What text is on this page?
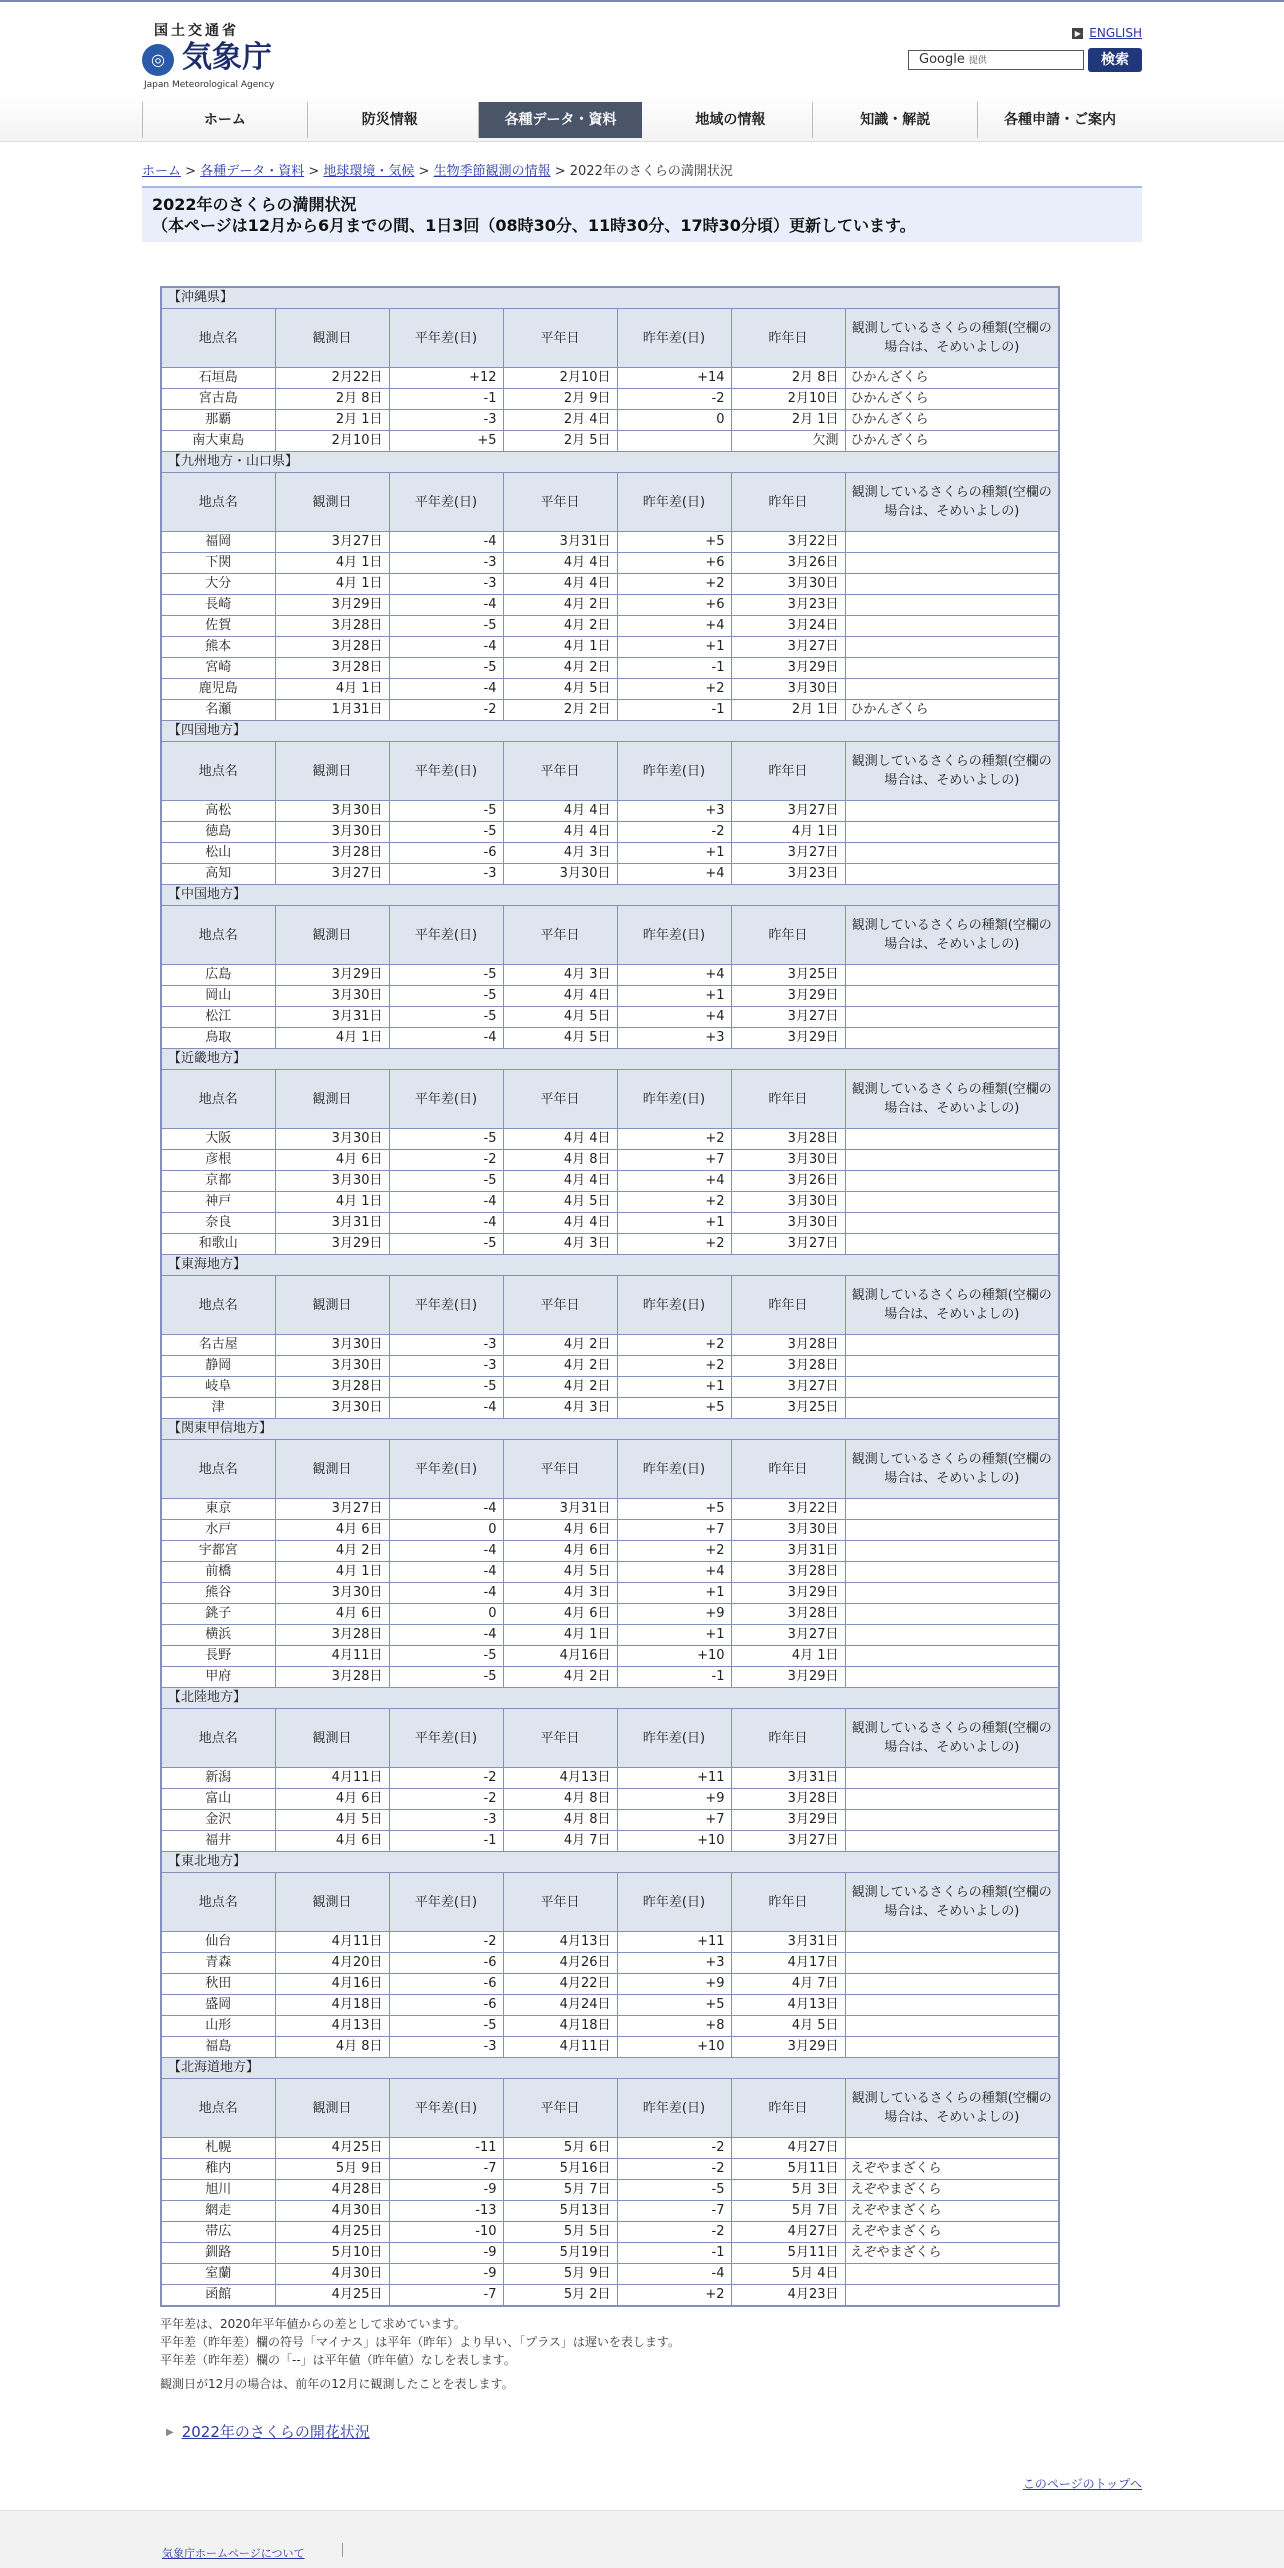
国土交通省
◎ 気象庁
Japan Meteorological Agency
▶ ENGLISH
Google 提供	検索
ホーム	防災情報	各種データ・資料	地域の情報	知識・解説	各種申請・ご案内
ホーム > 各種データ・資料 > 地球環境・気候 > 生物季節観測の情報 > 2022年のさくらの満開状況
2022年のさくらの満開状況
（本ページは12月から6月までの間、1日3回（08時30分、11時30分、17時30分頃）更新しています。
【沖縄県】						
地点名	観測日	平年差(日)	平年日	昨年差(日)	昨年日	観測しているさくらの種類(空欄の場合は、そめいよしの)
石垣島	2月22日	+12	2月10日	+14	2月 8日	ひかんざくら
宮古島	2月 8日	-1	2月 9日	-2	2月10日	ひかんざくら
那覇	2月 1日	-3	2月 4日	0	2月 1日	ひかんざくら
南大東島	2月10日	+5	2月 5日		欠測	ひかんざくら
【九州地方・山口県】						
地点名	観測日	平年差(日)	平年日	昨年差(日)	昨年日	観測しているさくらの種類(空欄の場合は、そめいよしの)
福岡	3月27日	-4	3月31日	+5	3月22日	
下関	4月 1日	-3	4月 4日	+6	3月26日	
大分	4月 1日	-3	4月 4日	+2	3月30日	
長崎	3月29日	-4	4月 2日	+6	3月23日	
佐賀	3月28日	-5	4月 2日	+4	3月24日	
熊本	3月28日	-4	4月 1日	+1	3月27日	
宮崎	3月28日	-5	4月 2日	-1	3月29日	
鹿児島	4月 1日	-4	4月 5日	+2	3月30日	
名瀬	1月31日	-2	2月 2日	-1	2月 1日	ひかんざくら
【四国地方】						
地点名	観測日	平年差(日)	平年日	昨年差(日)	昨年日	観測しているさくらの種類(空欄の場合は、そめいよしの)
高松	3月30日	-5	4月 4日	+3	3月27日	
徳島	3月30日	-5	4月 4日	-2	4月 1日	
松山	3月28日	-6	4月 3日	+1	3月27日	
高知	3月27日	-3	3月30日	+4	3月23日	
【中国地方】						
地点名	観測日	平年差(日)	平年日	昨年差(日)	昨年日	観測しているさくらの種類(空欄の場合は、そめいよしの)
広島	3月29日	-5	4月 3日	+4	3月25日	
岡山	3月30日	-5	4月 4日	+1	3月29日	
松江	3月31日	-5	4月 5日	+4	3月27日	
鳥取	4月 1日	-4	4月 5日	+3	3月29日	
【近畿地方】						
地点名	観測日	平年差(日)	平年日	昨年差(日)	昨年日	観測しているさくらの種類(空欄の場合は、そめいよしの)
大阪	3月30日	-5	4月 4日	+2	3月28日	
彦根	4月 6日	-2	4月 8日	+7	3月30日	
京都	3月30日	-5	4月 4日	+4	3月26日	
神戸	4月 1日	-4	4月 5日	+2	3月30日	
奈良	3月31日	-4	4月 4日	+1	3月30日	
和歌山	3月29日	-5	4月 3日	+2	3月27日	
【東海地方】						
地点名	観測日	平年差(日)	平年日	昨年差(日)	昨年日	観測しているさくらの種類(空欄の場合は、そめいよしの)
名古屋	3月30日	-3	4月 2日	+2	3月28日	
静岡	3月30日	-3	4月 2日	+2	3月28日	
岐阜	3月28日	-5	4月 2日	+1	3月27日	
津	3月30日	-4	4月 3日	+5	3月25日	
【関東甲信地方】						
地点名	観測日	平年差(日)	平年日	昨年差(日)	昨年日	観測しているさくらの種類(空欄の場合は、そめいよしの)
東京	3月27日	-4	3月31日	+5	3月22日	
水戸	4月 6日	0	4月 6日	+7	3月30日	
宇都宮	4月 2日	-4	4月 6日	+2	3月31日	
前橋	4月 1日	-4	4月 5日	+4	3月28日	
熊谷	3月30日	-4	4月 3日	+1	3月29日	
銚子	4月 6日	0	4月 6日	+9	3月28日	
横浜	3月28日	-4	4月 1日	+1	3月27日	
長野	4月11日	-5	4月16日	+10	4月 1日	
甲府	3月28日	-5	4月 2日	-1	3月29日	
【北陸地方】						
地点名	観測日	平年差(日)	平年日	昨年差(日)	昨年日	観測しているさくらの種類(空欄の場合は、そめいよしの)
新潟	4月11日	-2	4月13日	+11	3月31日	
富山	4月 6日	-2	4月 8日	+9	3月28日	
金沢	4月 5日	-3	4月 8日	+7	3月29日	
福井	4月 6日	-1	4月 7日	+10	3月27日	
【東北地方】						
地点名	観測日	平年差(日)	平年日	昨年差(日)	昨年日	観測しているさくらの種類(空欄の場合は、そめいよしの)
仙台	4月11日	-2	4月13日	+11	3月31日	
青森	4月20日	-6	4月26日	+3	4月17日	
秋田	4月16日	-6	4月22日	+9	4月 7日	
盛岡	4月18日	-6	4月24日	+5	4月13日	
山形	4月13日	-5	4月18日	+8	4月 5日	
福島	4月 8日	-3	4月11日	+10	3月29日	
【北海道地方】						
地点名	観測日	平年差(日)	平年日	昨年差(日)	昨年日	観測しているさくらの種類(空欄の場合は、そめいよしの)
札幌	4月25日	-11	5月 6日	-2	4月27日	
稚内	5月 9日	-7	5月16日	-2	5月11日	えぞやまざくら
旭川	4月28日	-9	5月 7日	-5	5月 3日	えぞやまざくら
網走	4月30日	-13	5月13日	-7	5月 7日	えぞやまざくら
帯広	4月25日	-10	5月 5日	-2	4月27日	えぞやまざくら
釧路	5月10日	-9	5月19日	-1	5月11日	えぞやまざくら
室蘭	4月30日	-9	5月 9日	-4	5月 4日	
函館	4月25日	-7	5月 2日	+2	4月23日	

平年差は、2020年平年値からの差として求めています。

平年差（昨年差）欄の符号「マイナス」は平年（昨年）より早い、「プラス」は遅いを表します。

平年差（昨年差）欄の「--」は平年値（昨年値）なしを表します。

観測日が12月の場合は、前年の12月に観測したことを表します。

▶ 2022年のさくらの開花状況
このページのトップへ
気象庁ホームページについて
